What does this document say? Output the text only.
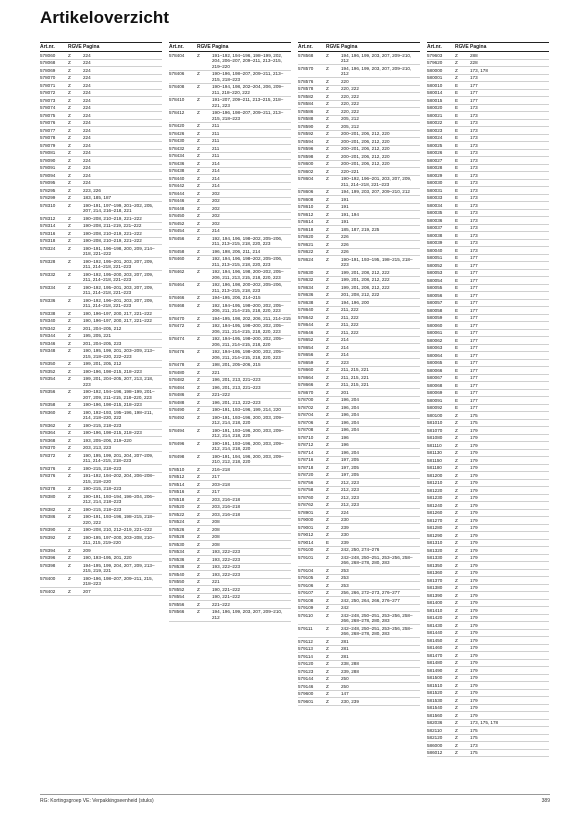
Artikeloverzicht
Art.nr.	RG VE Pagina
578060	Z	224
578068	Z	224
578069	Z	224
578070	Z	224
578071	Z	224
578072	Z	224
578073	Z	224
578074	Z	224
578075	Z	224
578076	Z	224
578077	Z	224
578078	Z	224
578079	Z	224
578081	Z	224
578090	Z	224
578091	Z	224
578094	Z	224
578095	Z	224
578295	Z	223, 226
578299	Z	183, 185, 187
578310	Z	190–191, 197–199, 201–202, 205, 207, 214, 216–218, 221
578312	Z	190–208, 210–219, 221–222
578314	Z	190–208, 211–219, 221–222
578316	Z	190–208, 210–219, 221–222
578318	Z	190–208, 210–219, 221–222
578324	Z	190–191, 196–198, 200, 209, 214–218, 221–222
578328	Z	190–192, 195–201, 203, 207, 209, 211, 214–218, 221–223
578332	Z	190–192, 195–200, 203, 207, 209, 211, 214–218, 221–223
578334	Z	190–192, 195–201, 203, 207, 209, 211, 214–218, 221–223
578336	Z	190–192, 196–201, 203, 207, 209, 211, 214–218, 221–223
578338	Z	190, 196–197, 200, 217, 221–222
578340	Z	190, 196–197, 200, 217, 221–222
578342	Z	201, 204–205, 212
578344	Z	195, 205, 221
578346	Z	201, 204–205, 223
578348	Z	190, 195, 199, 201, 203–209, 213–215, 218–220, 222–223
578350	Z	199, 201, 205, 212
578352	Z	190–196, 198–215, 218–223
578354	Z	199, 201, 204–205, 207, 213, 218, 223
578356	Z	190–192, 194–196, 198–199, 201–207, 209, 211–215, 218–220, 223
578358	Z	190–196, 198–215, 218–223
578360	Z	190, 192–193, 195–196, 198–211, 214, 218–220, 222
578362	Z	190–215, 218–223
578364	Z	190–196, 198–215, 218–223
578368	Z	193, 205–206, 219–220
578370	Z	203, 213, 223
578372	Z	190, 195, 199, 201, 204, 207–209, 211, 214–215, 218–223
578376	Z	190–215, 218–223
578376	Z	191–192, 194–202, 204, 206–208–215, 218–220
578378	Z	190–215, 218–223
578380	Z	190–191, 193–194, 196–204, 206–212, 214, 218–223
578382	Z	190–215, 218–223
578386	Z	190–191, 193–196, 198–215, 218–220, 222
578390	Z	190–208, 210, 212–219, 221–222
578392	Z	190–195, 197–200, 203–208, 210–211, 215, 219–220
578394	Z	209
578396	Z	190, 193–195, 201, 220
578398	Z	194–195, 199, 204, 207, 209, 213–215, 219, 221
578400	Z	190–196, 198–207, 209–211, 215, 218–223
578402	Z	207
Art.nr.	RG VE Pagina
578404	Z	191–192, 194–196, 198–199, 202, 204, 206–207, 209–211, 213–215, 219–220
578406	Z	190–196, 198–207, 209–211, 213–215, 218–223
578408	Z	190–194, 198, 202–204, 206, 209–211, 218–220, 222
578410	Z	191–207, 209–211, 213–215, 218–221, 223
578412	Z	190–196, 198–207, 209–211, 213–215, 218–223
578420	Z	211
578426	Z	211
578430	Z	211
578432	Z	211
578434	Z	211
578436	Z	214
578438	Z	214
578440	Z	214
578442	Z	214
578444	Z	202
578446	Z	202
578448	Z	202
578450	Z	202
578452	Z	202
578454	Z	214
578456	Z	192, 194, 196, 198–202, 205–206, 211, 213–215, 218, 220, 223
578458	Z	196, 198, 206, 211, 214
578460	Z	192, 194, 196, 198–202, 205–206, 211, 213–215, 218, 220, 223
578462	Z	192, 194, 196, 198, 200–202, 205–206, 211, 213, 215, 218, 220, 223
578464	Z	192, 196, 198, 200–202, 205–206, 211, 213–215, 218, 223
578466	Z	194–195, 206, 214–215
578468	Z	192, 194–195, 198–200, 202, 205–206, 211, 214–215, 218, 220, 223
578470	Z	194–195, 198, 202, 206, 211, 214–215
578472	Z	192, 194–195, 198–200, 202, 205–206, 211, 214–215, 218, 220, 223
578474	Z	192, 194–195, 198–200, 202, 205–206, 211, 214–215, 218, 220
578476	Z	192, 194–195, 198–200, 202, 205–206, 211, 214–215, 218, 220, 223
578478	Z	198, 201, 205–206, 215
578480	Z	221
578482	Z	196, 201, 213, 221–223
578484	Z	196, 201, 213, 221–223
578486	Z	221–222
578488	Z	196, 201, 213, 222–223
578490	Z	190–191, 193–196, 199, 214, 220
578492	Z	190–191, 193–196, 200, 203, 209–212, 214, 218, 220
578494	Z	190–191, 193–196, 200, 203, 209–212, 214, 218, 220
578496	Z	190–191, 193–196, 200, 203, 209–212, 214, 218, 220
578498	Z	190–191, 194, 196, 200, 203, 209–210, 212, 218, 220
578510	Z	216–218
578512	Z	217
578514	Z	203–218
578516	Z	217
578518	Z	203, 216–218
578520	Z	203, 216–218
578522	Z	203, 216–218
578524	Z	208
578526	Z	208
578528	Z	208
578530	Z	208
578534	Z	193, 222–223
578536	Z	193, 222–223
578538	Z	193, 222–223
578540	Z	193, 222–223
578550	Z	221
578552	Z	190, 221–222
578554	Z	190, 221–222
578556	Z	221–222
578566	Z	194, 196, 199, 203, 207, 209–210, 212
Art.nr.	RG VE Pagina
578568	Z	194, 196, 199, 203, 207, 209–210, 212
578570	Z	194, 196, 199, 203, 207, 209–210, 212
578576	Z	220
578578	Z	220, 222
578582	Z	220, 222
578584	Z	220, 222
578586	Z	220, 222
578588	Z	205, 212
578590	Z	205, 212
578592	Z	200–201, 206, 212, 220
578594	Z	200–201, 206, 212, 220
578596	Z	200–201, 206, 212, 220
578598	Z	200–201, 206, 212, 220
578600	Z	200–201, 206, 212, 220
578602	Z	220–221
578604	Z	190–192, 196–201, 203, 207, 209, 211, 214–218, 221–223
578606	Z	194, 199, 203, 207, 209–210, 212
578608	Z	191
578610	Z	191
578612	Z	191, 194
578614	Z	191
578618	Z	185, 187, 219, 225
578620	Z	226
578621	Z	226
578622	Z	226
578624	Z	190–191, 193–195, 198–215, 218–223
578630	Z	199, 201, 208, 212, 222
578632	Z	199, 201, 208, 212, 222
578634	Z	199, 201, 208, 212, 222
578636	Z	201, 208, 212, 222
578638	Z	194, 196, 200
578640	Z	211, 222
578642	Z	211, 222
578644	Z	211, 222
578646	Z	211, 222
578652	Z	214
578654	Z	214
578656	Z	214
578659	Z	223
578660	Z	211, 215, 221
578664	Z	211, 215, 221
578666	Z	211, 215, 221
578670	Z	201
578700	Z	196, 204
578702	Z	196, 204
578704	Z	196, 204
578706	Z	196, 204
578708	Z	196, 204
578710	Z	196
578712	Z	196
578714	Z	196, 204
578716	Z	197, 205
578718	Z	197, 205
578720	Z	197, 205
578756	Z	212, 223
578758	Z	212, 223
578760	Z	212, 223
578762	Z	212, 223
578901	Z	224
579000	Z	230
579001	Z	239
579012	Z	230
579014	E	239
579100	Z	242, 250, 274–276
579101	Z	242–248, 250–251, 253–256, 258–266, 268–278, 280, 283
579104	Z	253
579105	Z	253
579106	Z	253
579107	Z	256, 266, 272–273, 276–277
579108	Z	242, 250, 264, 266, 276–277
579109	Z	242
579110	Z	242–248, 250–251, 253–256, 258–266, 268–278, 280, 283
579111	Z	242–248, 250–251, 253–256, 258–266, 268–278, 280, 283
579112	Z	281
579113	Z	281
579114	Z	281
579120	Z	238, 288
579123	Z	239, 288
579144	Z	250
579146	Z	250
579600	Z	147
579601	Z	230, 239
Art.nr.	RG VE Pagina
579603	Z	288
579620	Z	228
580000	Z	173, 178
580001	Z	173
580010	E	177
580014	E	177
580015	E	177
580020	E	173
580021	E	173
580022	E	173
580023	E	173
580024	E	173
580025	E	173
580026	E	173
580027	E	173
580028	E	173
580029	E	173
580030	E	173
580031	E	173
580033	E	173
580034	E	173
580035	E	173
580036	E	173
580037	E	173
580038	E	173
580039	E	173
580040	E	173
580051	E	177
580052	E	177
580053	E	177
580054	E	177
580055	E	177
580056	E	177
580057	E	177
580058	E	177
580059	E	177
580060	E	177
580061	E	177
580062	E	177
580063	E	177
580064	E	177
580065	E	177
580066	E	177
580067	E	177
580068	E	177
580069	E	177
580091	E	177
580092	E	177
580100	Z	175
581010	Z	175
581070	Z	179
581080	Z	179
581110	Z	179
581130	Z	179
581150	Z	179
581180	Z	179
581200	Z	179
581210	Z	179
581220	Z	179
581230	Z	179
581240	Z	179
581260	Z	179
581270	Z	179
581280	Z	179
581290	Z	179
581310	Z	179
581320	Z	179
581330	Z	179
581350	Z	179
581360	Z	179
581370	Z	179
581380	Z	179
581390	Z	179
581400	Z	179
581410	Z	179
581420	Z	179
581430	Z	179
581440	Z	179
581450	Z	179
581460	Z	179
581470	Z	179
581480	Z	179
581490	Z	179
581500	Z	179
581510	Z	179
581520	Z	179
581530	Z	179
581540	Z	179
581560	Z	179
582036	Z	173, 175, 178
582110	Z	175
582120	Z	175
586000	Z	173
586012	Z	175
RG: Kortingsgroep VE: Verpakkingseenheid (stuks)	389
